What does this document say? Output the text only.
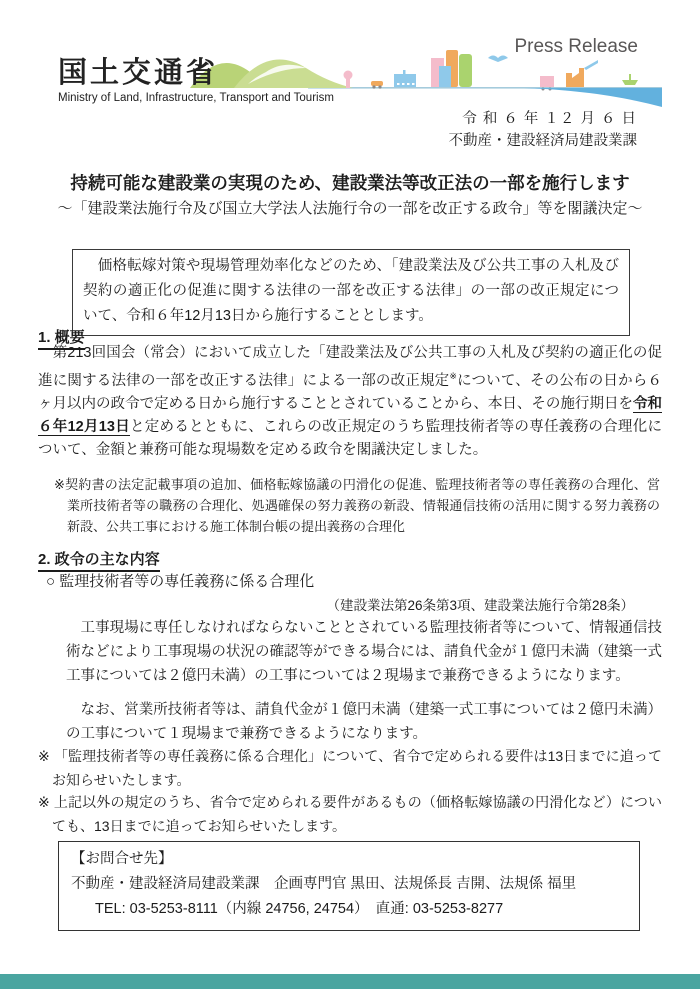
Press Release
国土交通省
Ministry of Land, Infrastructure, Transport and Tourism
令 和 ６ 年 １２ 月 ６ 日
不動産・建設経済局建設業課
持続可能な建設業の実現のため、建設業法等改正法の一部を施行します
～「建設業法施行令及び国立大学法人法施行令の一部を改正する政令」等を閣議決定～
　価格転嫁対策や現場管理効率化などのため、「建設業法及び公共工事の入札及び契約の適正化の促進に関する法律の一部を改正する法律」の一部の改正規定について、令和６年12月13日から施行することとします。
1. 概要

　第213回国会（常会）において成立した「建設業法及び公共工事の入札及び契約の適正化の促進に関する法律の一部を改正する法律」による一部の改正規定※について、その公布の日から６ヶ月以内の政令で定める日から施行することとされていることから、本日、その施行期日を令和６年12月13日と定めるとともに、これらの改正規定のうち監理技術者等の専任義務の合理化について、金額と兼務可能な現場数を定める政令を閣議決定しました。

※契約書の法定記載事項の追加、価格転嫁協議の円滑化の促進、監理技術者等の専任義務の合理化、営業所技術者等の職務の合理化、処遇確保の努力義務の新設、情報通信技術の活用に関する努力義務の新設、公共工事における施工体制台帳の提出義務の合理化

2. 政令の主な内容

○ 監理技術者等の専任義務に係る合理化

（建設業法第26条第3項、建設業法施行令第28条）

　工事現場に専任しなければならないこととされている監理技術者等について、情報通信技術などにより工事現場の状況の確認等ができる場合には、請負代金が１億円未満（建築一式工事については２億円未満）の工事については２現場まで兼務できるようになります。

　なお、営業所技術者等は、請負代金が１億円未満（建築一式工事については２億円未満）の工事について１現場まで兼務できるようになります。

※ 「監理技術者等の専任義務に係る合理化」について、省令で定められる要件は13日までに追ってお知らせいたします。

※ 上記以外の規定のうち、省令で定められる要件があるもの（価格転嫁協議の円滑化など）についても、13日までに追ってお知らせいたします。

【お問合せ先】
不動産・建設経済局建設業課　企画専門官 黒田、法規係長 吉開、法規係 福里
TEL: 03-5253-8111（内線 24756, 24754）　直通: 03-5253-8277
